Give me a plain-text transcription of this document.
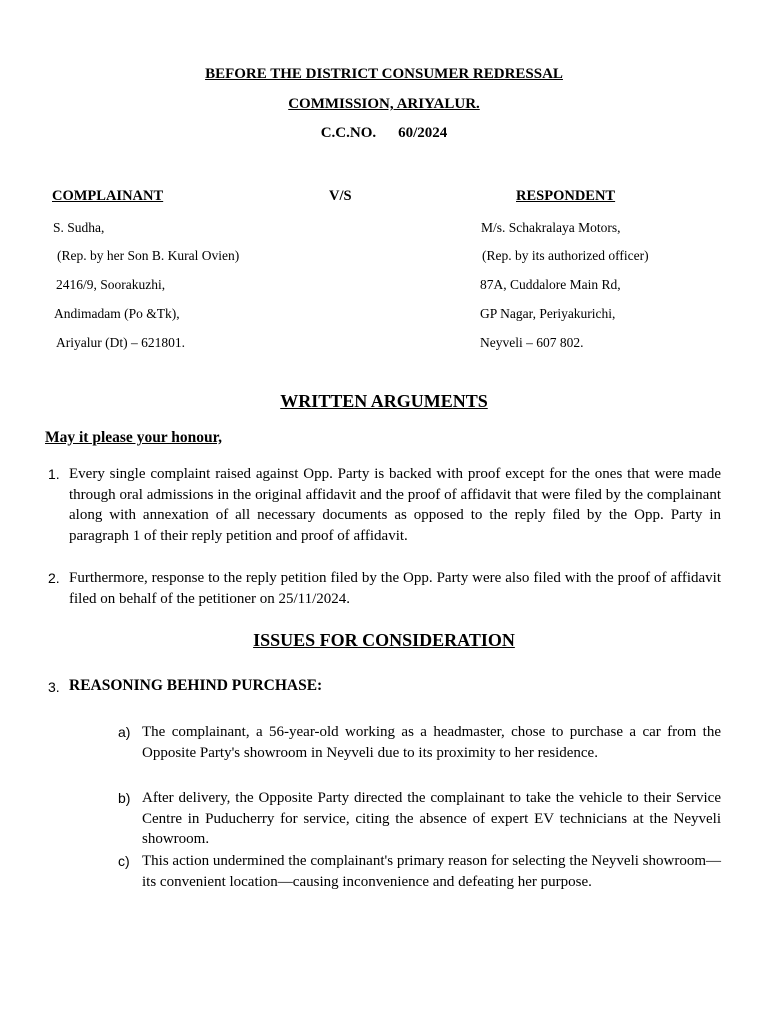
BEFORE THE DISTRICT CONSUMER REDRESSAL
COMMISSION, ARIYALUR.
C.C.NO. 60/2024
COMPLAINANT	V/S	RESPONDENT
S. Sudha,
(Rep. by her Son B. Kural Ovien)
2416/9, Soorakuzhi,
Andimadam (Po &Tk),
Ariyalur (Dt) – 621801.
M/s. Schakralaya Motors,
(Rep. by its authorized officer)
87A, Cuddalore Main Rd,
GP Nagar, Periyakurichi,
Neyveli – 607 802.
WRITTEN ARGUMENTS
May it please your honour,
1. Every single complaint raised against Opp. Party is backed with proof except for the ones that were made through oral admissions in the original affidavit and the proof of affidavit that were filed by the complainant along with annexation of all necessary documents as opposed to the reply filed by the Opp. Party in paragraph 1 of their reply petition and proof of affidavit.
2. Furthermore, response to the reply petition filed by the Opp. Party were also filed with the proof of affidavit filed on behalf of the petitioner on 25/11/2024.
ISSUES FOR CONSIDERATION
3. REASONING BEHIND PURCHASE:
a) The complainant, a 56-year-old working as a headmaster, chose to purchase a car from the Opposite Party's showroom in Neyveli due to its proximity to her residence.
b) After delivery, the Opposite Party directed the complainant to take the vehicle to their Service Centre in Puducherry for service, citing the absence of expert EV technicians at the Neyveli showroom.
c) This action undermined the complainant's primary reason for selecting the Neyveli showroom—its convenient location—causing inconvenience and defeating her purpose.
